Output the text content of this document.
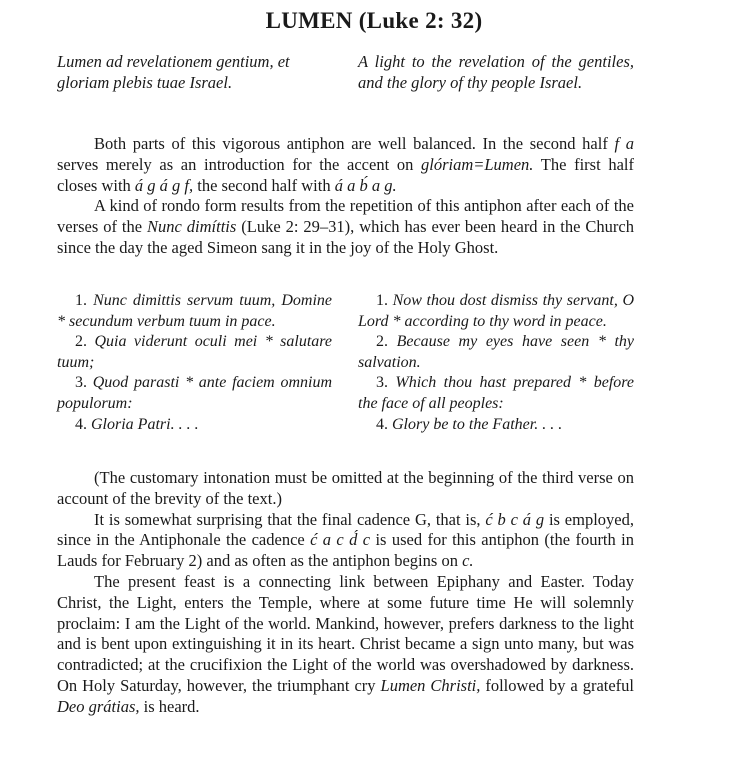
LUMEN (Luke 2: 32)
Lumen ad revelationem gentium, et gloriam plebis tuae Israel.
A light to the revelation of the gentiles, and the glory of thy people Israel.

Both parts of this vigorous antiphon are well balanced. In the second half f a serves merely as an introduction for the accent on glóriam=Lumen. The first half closes with á g á g f, the second half with á a b́ a g.

A kind of rondo form results from the repetition of this antiphon after each of the verses of the Nunc dimíttis (Luke 2: 29–31), which has ever been heard in the Church since the day the aged Simeon sang it in the joy of the Holy Ghost.

1. Nunc dimittis servum tuum, Domine * secundum verbum tuum in pace.

2. Quia viderunt oculi mei * salutare tuum;

3. Quod parasti * ante faciem omnium populorum:

4. Gloria Patri. . . .

1. Now thou dost dismiss thy servant, O Lord * according to thy word in peace.

2. Because my eyes have seen * thy salvation.

3. Which thou hast prepared * before the face of all peoples:

4. Glory be to the Father. . . .

(The customary intonation must be omitted at the beginning of the third verse on account of the brevity of the text.)

It is somewhat surprising that the final cadence G, that is, ć b c á g is employed, since in the Antiphonale the cadence ć a c d́ c is used for this antiphon (the fourth in Lauds for February 2) and as often as the antiphon begins on c.

The present feast is a connecting link between Epiphany and Easter. Today Christ, the Light, enters the Temple, where at some future time He will solemnly proclaim: I am the Light of the world. Mankind, however, prefers darkness to the light and is bent upon extinguishing it in its heart. Christ became a sign unto many, but was contradicted; at the crucifixion the Light of the world was overshadowed by darkness. On Holy Saturday, however, the triumphant cry Lumen Christi, followed by a grateful Deo grátias, is heard.
